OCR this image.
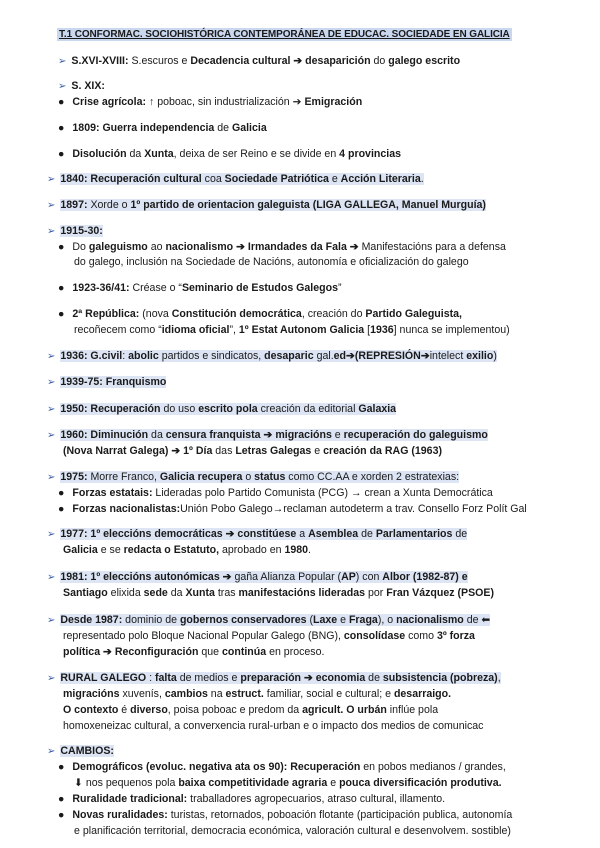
T.1 CONFORMAC. SOCIOHISTÓRICA CONTEMPORÁNEA DE EDUCAC. SOCIEDADE EN GALICIA
➢ S.XVI-XVIII: S.escuros e Decadencia cultural ➔ desaparición do galego escrito
➢ S. XIX:
● Crise agrícola: ↑ poboac, sin industrialización ➔ Emigración
● 1809: Guerra independencia de Galicia
● Disolución da Xunta, deixa de ser Reino e se divide en 4 provincias
➢ 1840: Recuperación cultural coa Sociedade Patriótica e Acción Literaria.
➢ 1897: Xorde o 1º partido de orientacion galeguista (LIGA GALLEGA, Manuel Murguía)
➢ 1915-30:
● Do galeguismo ao nacionalismo ➔ Irmandades da Fala ➔ Manifestacións para a defensa
do galego, inclusión na Sociedade de Nacións, autonomía e oficialización do galego
● 1923-36/41: Créase o “Seminario de Estudos Galegos”
● 2ª República: (nova Constitución democrática, creación do Partido Galeguista,
recoñecem como “idioma oficial”, 1º Estat Autonom Galicia [1936] nunca se implementou)
➢ 1936: G.civil: abolic partidos e sindicatos, desaparic gal.ed➔(REPRESIÓN➔intelect exilio)
➢ 1939-75: Franquismo
➢ 1950: Recuperación do uso escrito pola creación da editorial Galaxia
➢ 1960: Diminución da censura franquista ➔ migracións e recuperación do galeguismo
(Nova Narrat Galega) ➔ 1º Día das Letras Galegas e creación da RAG (1963)
➢ 1975: Morre Franco, Galicia recupera o status como CC.AA e xorden 2 estratexias:
● Forzas estatais: Lideradas polo Partido Comunista (PCG) → crean a Xunta Democrática
● Forzas nacionalistas:Unión Pobo Galego→reclaman autodeterm a trav. Consello Forz Polít Gal
➢ 1977: 1º eleccións democráticas ➔ constitúese a Asemblea de Parlamentarios de
Galicia e se redacta o Estatuto, aprobado en 1980.
➢ 1981: 1º eleccións autonómicas ➔ gaña Alianza Popular (AP) con Albor (1982-87) e
Santiago elixida sede da Xunta tras manifestacións lideradas por Fran Vázquez (PSOE)
➢ Desde 1987: dominio de gobernos conservadores (Laxe e Fraga), o nacionalismo de ⬅
representado polo Bloque Nacional Popular Galego (BNG), consolídase como 3º forza
política ➔ Reconfiguración que continúa en proceso.
➢ RURAL GALEGO : falta de medios e preparación ➔ economia de subsistencia (pobreza),
migracións xuvenís, cambios na estruct. familiar, social e cultural; e desarraigo.
O contexto é diverso, poisa poboac e predom da agricult. O urbán inflúe pola
homoxeneizac cultural, a converxencia rural-urban e o impacto dos medios de comunicac
➢ CAMBIOS:
● Demográficos (evoluc. negativa ata os 90): Recuperación en pobos medianos / grandes,
⬇ nos pequenos pola baixa competitividade agraria e pouca diversificación produtiva.
● Ruralidade tradicional: traballadores agropecuarios, atraso cultural, illamento.
● Novas ruralidades: turistas, retornados, poboación flotante (participación publica, autonomía
e planificación territorial, democracia económica, valoración cultural e desenvolvem. sostible)
